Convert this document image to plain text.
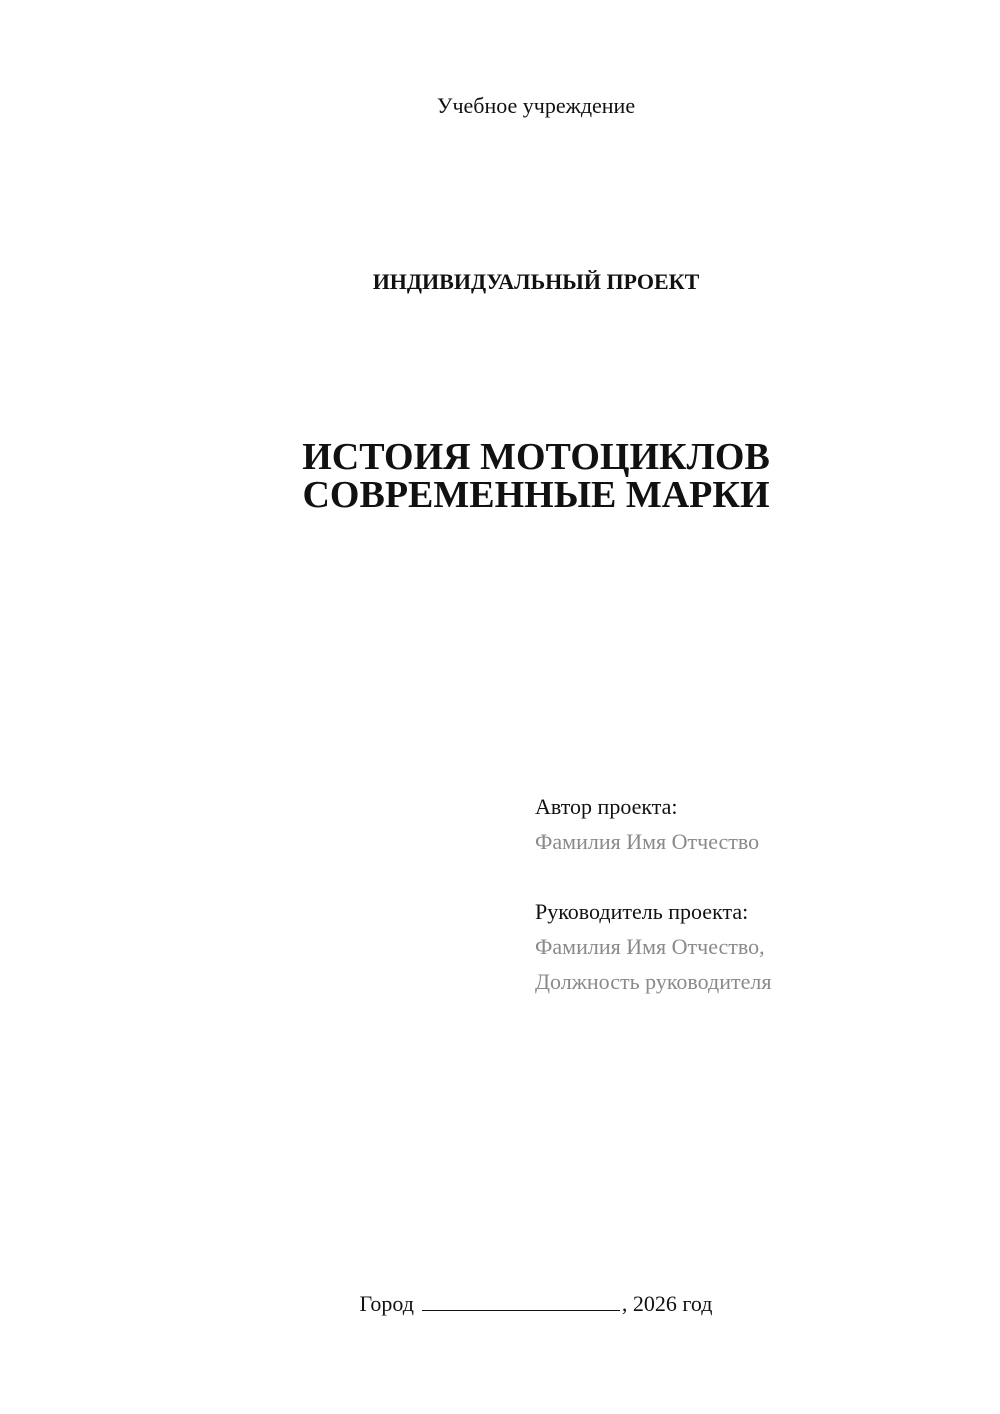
Учебное учреждение
ИНДИВИДУАЛЬНЫЙ ПРОЕКТ
ИСТОИЯ МОТОЦИКЛОВ
СОВРЕМЕННЫЕ МАРКИ
Автор проекта:
Фамилия Имя Отчество
Руководитель проекта:
Фамилия Имя Отчество,
Должность руководителя
Город	, 2026 год
